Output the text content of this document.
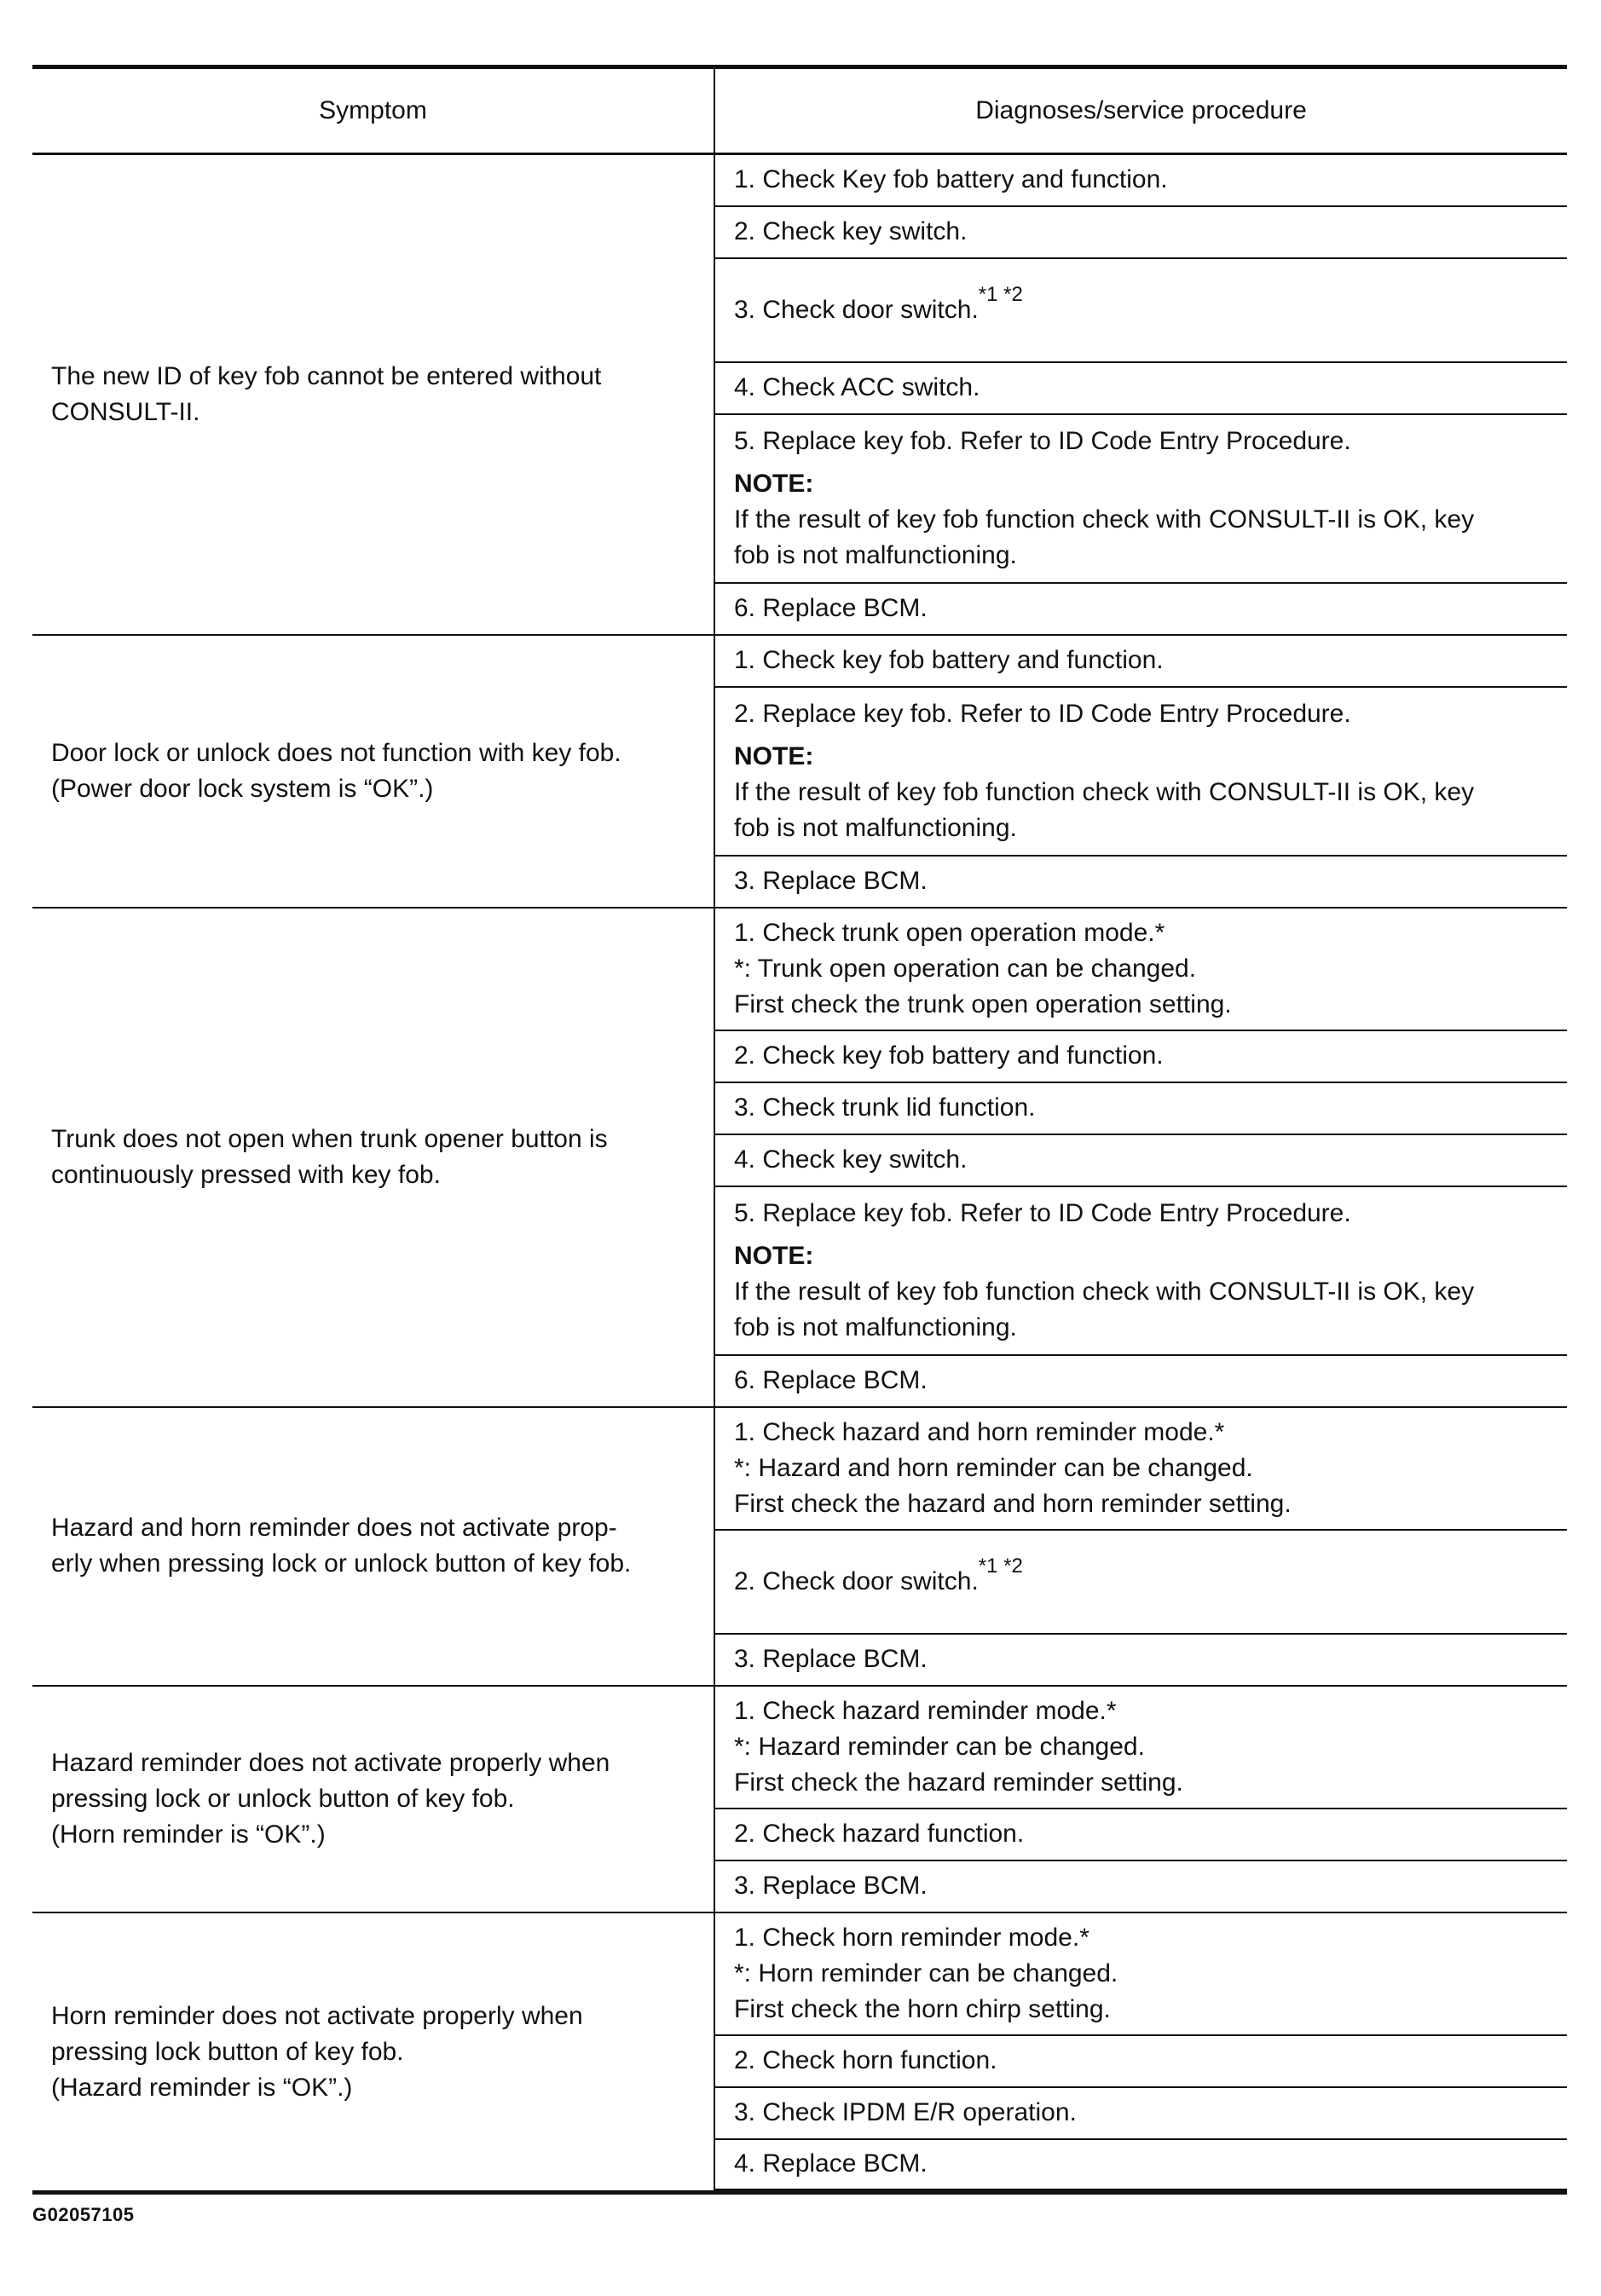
Symptom	Diagnoses/service procedure

The new ID of key fob cannot be entered without
CONSULT-II.	1. Check Key fob battery and function.

	2. Check key switch.

	3. Check door switch.*1 *2

	4. Check ACC switch.

	5. Replace key fob. Refer to ID Code Entry Procedure.
NOTE:
If the result of key fob function check with CONSULT-II is OK, key
fob is not malfunctioning.

	6. Replace BCM.

Door lock or unlock does not function with key fob.
(Power door lock system is “OK”.)	1. Check key fob battery and function.

	2. Replace key fob. Refer to ID Code Entry Procedure.
NOTE:
If the result of key fob function check with CONSULT-II is OK, key
fob is not malfunctioning.

	3. Replace BCM.

Trunk does not open when trunk opener button is
continuously pressed with key fob.	1. Check trunk open operation mode.*
*: Trunk open operation can be changed.
First check the trunk open operation setting.

	2. Check key fob battery and function.

	3. Check trunk lid function.

	4. Check key switch.

	5. Replace key fob. Refer to ID Code Entry Procedure.
NOTE:
If the result of key fob function check with CONSULT-II is OK, key
fob is not malfunctioning.

	6. Replace BCM.

Hazard and horn reminder does not activate prop-
erly when pressing lock or unlock button of key fob.	1. Check hazard and horn reminder mode.*
*: Hazard and horn reminder can be changed.
First check the hazard and horn reminder setting.

	2. Check door switch.*1 *2

	3. Replace BCM.

Hazard reminder does not activate properly when
pressing lock or unlock button of key fob.
(Horn reminder is “OK”.)	1. Check hazard reminder mode.*
*: Hazard reminder can be changed.
First check the hazard reminder setting.

	2. Check hazard function.

	3. Replace BCM.

Horn reminder does not activate properly when
pressing lock button of key fob.
(Hazard reminder is “OK”.)	1. Check horn reminder mode.*
*: Horn reminder can be changed.
First check the horn chirp setting.

	2. Check horn function.

	3. Check IPDM E/R operation.

	4. Replace BCM.
G02057105
